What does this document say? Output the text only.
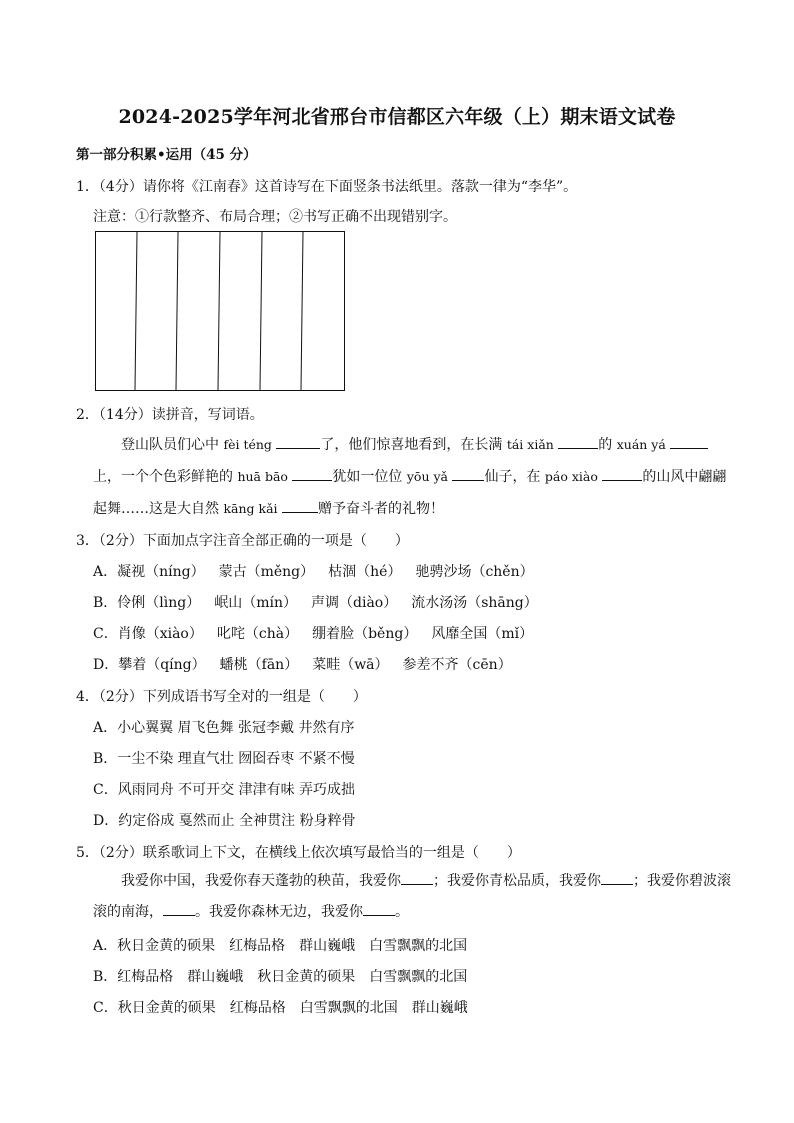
2024-2025学年河北省邢台市信都区六年级（上）期末语文试卷
第一部分积累•运用（45 分）
1．（4分）请你将《江南春》这首诗写在下面竖条书法纸里。落款一律为“李华”。
注意：①行款整齐、布局合理；②书写正确不出现错别字。
2．（14分）读拼音，写词语。
登山队员们心中 fèi téng	了，他们惊喜地看到，在长满 tái xiǎn	的 xuán yá 上，一个个色彩鲜艳的 huā bāo	犹如一位位 yōu yǎ	仙子，在 páo xiào	的山风中翩翩起舞……这是大自然 kāng kǎi	赠予奋斗者的礼物！
3．（2分）下面加点字注音全部正确的一项是（　　）
A．凝视（níng） 蒙古（měng） 枯涸（hé） 驰骋沙场（chěn）
B．伶俐（lìng） 岷山（mín） 声调（diào） 流水汤汤（shāng）
C．肖像（xiào） 叱咤（chà） 绷着脸（běng） 风靡全国（mǐ）
D．攀着（qíng） 蟠桃（fān） 菜畦（wā） 参差不齐（cēn）
4．（2分）下列成语书写全对的一组是（　　）
A．小心翼翼 眉飞色舞 张冠李戴 井然有序
B．一尘不染 理直气壮 囫囵吞枣 不紧不慢
C．风雨同舟 不可开交 津津有味 弄巧成拙
D．约定俗成 戛然而止 全神贯注 粉身粹骨
5．（2分）联系歌词上下文，在横线上依次填写最恰当的一组是（　　）
我爱你中国，我爱你春天蓬勃的秧苗，我爱你 ；我爱你青松品质，我爱你 ；我爱你碧波滚滚的南海， 。我爱你森林无边，我爱你 。
A．秋日金黄的硕果 红梅品格 群山巍峨 白雪飘飘的北国
B．红梅品格 群山巍峨 秋日金黄的硕果 白雪飘飘的北国
C．秋日金黄的硕果 红梅品格 白雪飘飘的北国 群山巍峨
